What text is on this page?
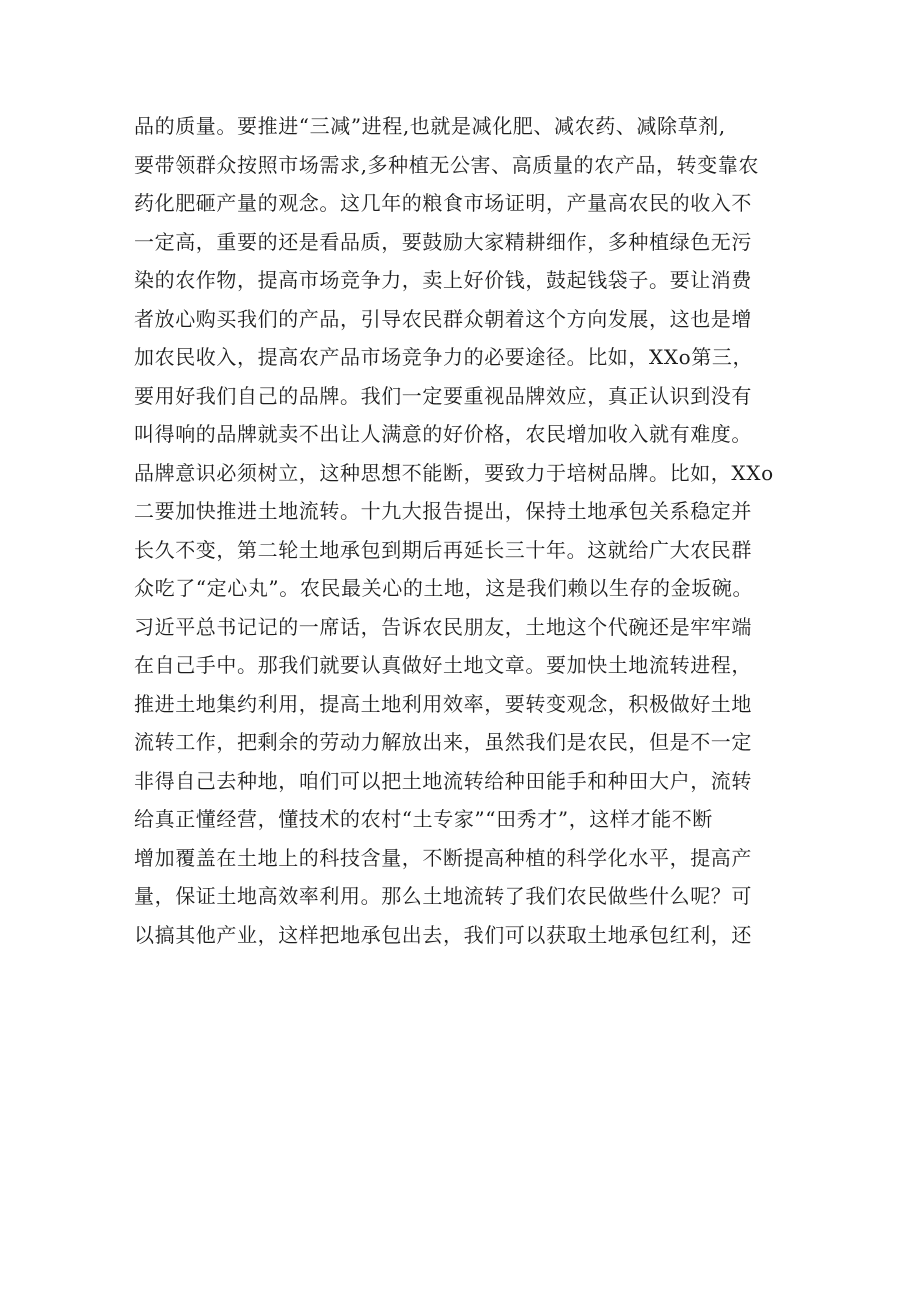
品的质量。要推进“三减”进程,也就是减化肥、减农药、减除草剂,
要带领群众按照市场需求,多种植无公害、高质量的农产品，转变靠农
药化肥砸产量的观念。这几年的粮食市场证明，产量高农民的收入不
一定高，重要的还是看品质，要鼓励大家精耕细作，多种植绿色无污
染的农作物，提高市场竞争力，卖上好价钱，鼓起钱袋子。要让消费
者放心购买我们的产品，引导农民群众朝着这个方向发展，这也是增
加农民收入，提高农产品市场竞争力的必要途径。比如，XXo第三，
要用好我们自己的品牌。我们一定要重视品牌效应，真正认识到没有
叫得响的品牌就卖不出让人满意的好价格，农民增加收入就有难度。
品牌意识必须树立，这种思想不能断，要致力于培树品牌。比如，XXo
二要加快推进土地流转。十九大报告提出，保持土地承包关系稳定并
长久不变，第二轮土地承包到期后再延长三十年。这就给广大农民群
众吃了“定心丸”。农民最关心的土地，这是我们赖以生存的金坂碗。
习近平总书记记的一席话，告诉农民朋友，土地这个代碗还是牢牢端
在自己手中。那我们就要认真做好土地文章。要加快土地流转进程，
推进土地集约利用，提高土地利用效率，要转变观念，积极做好土地
流转工作，把剩余的劳动力解放出来，虽然我们是农民，但是不一定
非得自己去种地，咱们可以把土地流转给种田能手和种田大户，流转
给真正懂经营，懂技术的农村“土专家”“田秀才”，这样才能不断
增加覆盖在土地上的科技含量，不断提高种植的科学化水平，提高产
量，保证土地高效率利用。那么土地流转了我们农民做些什么呢？可
以搞其他产业，这样把地承包出去，我们可以获取土地承包红利，还
